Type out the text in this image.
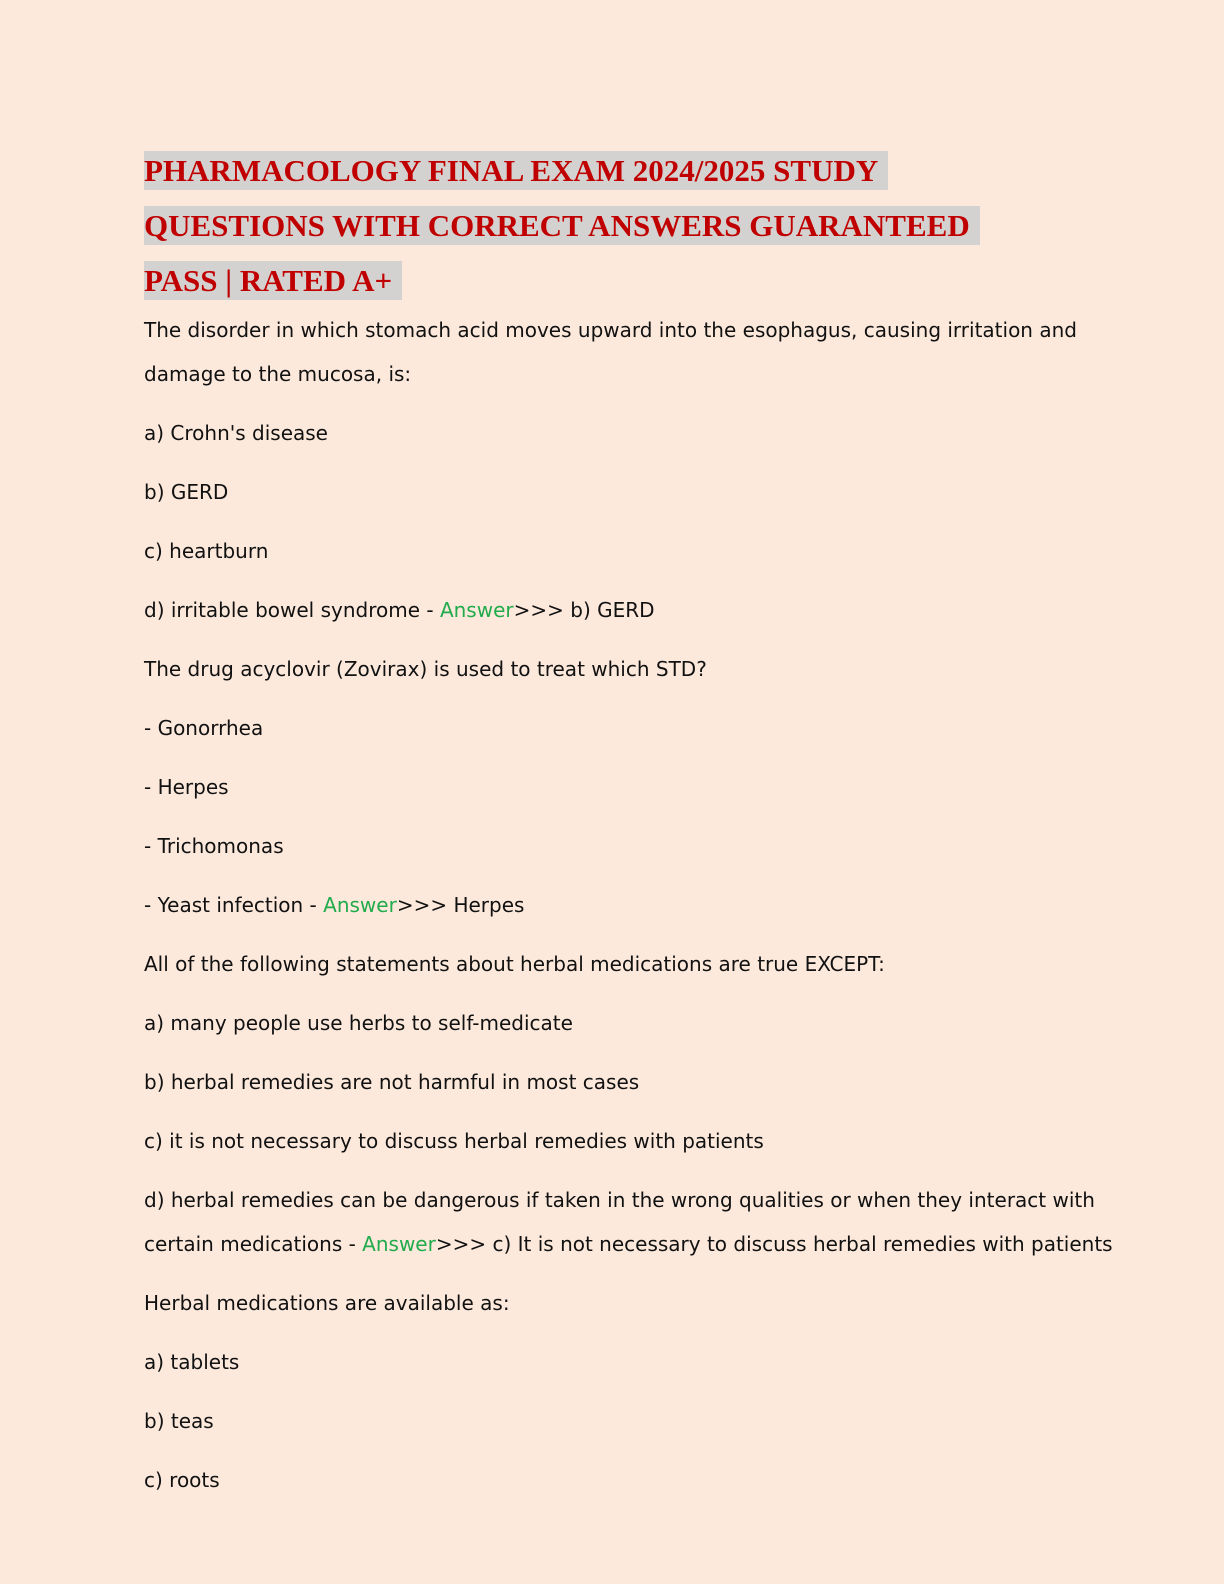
PHARMACOLOGY FINAL EXAM 2024/2025 STUDY
QUESTIONS WITH CORRECT ANSWERS GUARANTEED
PASS | RATED A+

The disorder in which stomach acid moves upward into the esophagus, causing irritation and
damage to the mucosa, is:

a) Crohn's disease

b) GERD

c) heartburn

d) irritable bowel syndrome - Answer>>> b) GERD

The drug acyclovir (Zovirax) is used to treat which STD?

- Gonorrhea

- Herpes

- Trichomonas

- Yeast infection - Answer>>> Herpes

All of the following statements about herbal medications are true EXCEPT:

a) many people use herbs to self-medicate

b) herbal remedies are not harmful in most cases

c) it is not necessary to discuss herbal remedies with patients

d) herbal remedies can be dangerous if taken in the wrong qualities or when they interact with
certain medications - Answer>>> c) It is not necessary to discuss herbal remedies with patients

Herbal medications are available as:

a) tablets

b) teas

c) roots
